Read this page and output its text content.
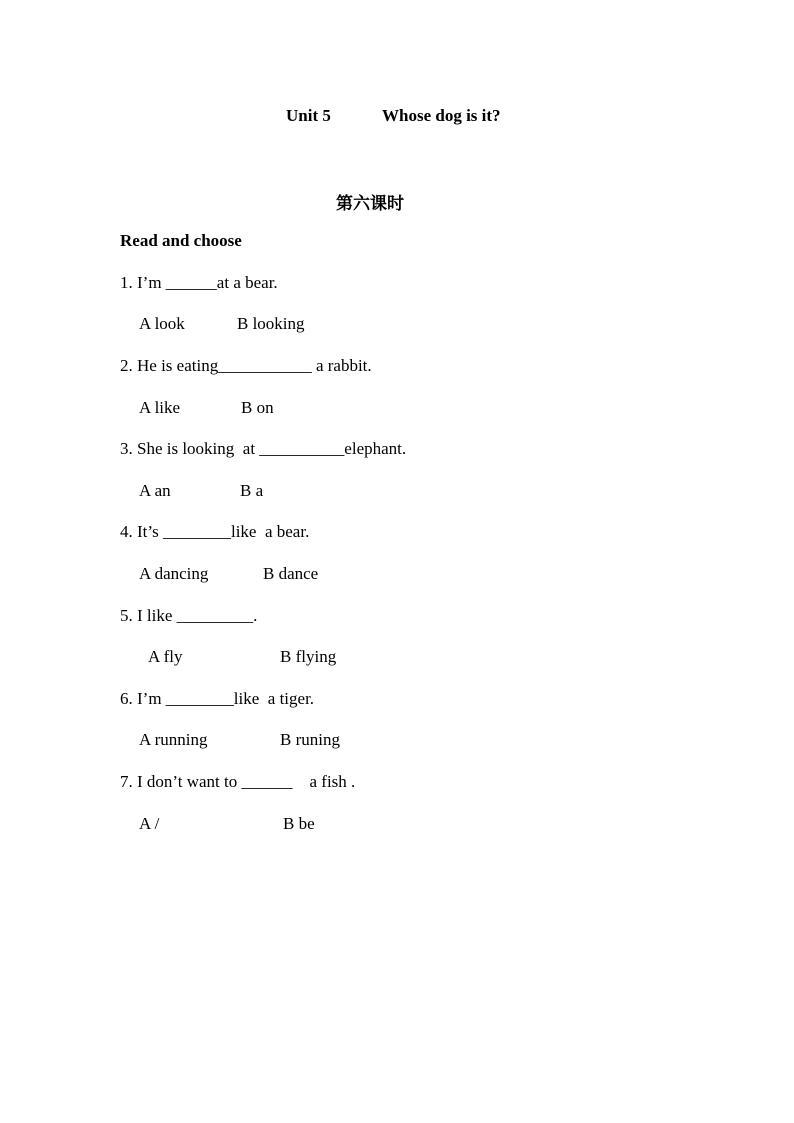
Unit 5	Whose dog is it?
第六课时
Read and choose
1. I’m ______at a bear.
A look	B looking
2. He is eating___________ a rabbit.
A like	B on
3. She is looking  at __________elephant.
A an	B a
4. It’s ________like  a bear.
A dancing	B dance
5. I like _________.
A fly	B flying
6. I’m ________like  a tiger.
A running	B runing
7. I don’t want to ______    a fish .
A /	B be
